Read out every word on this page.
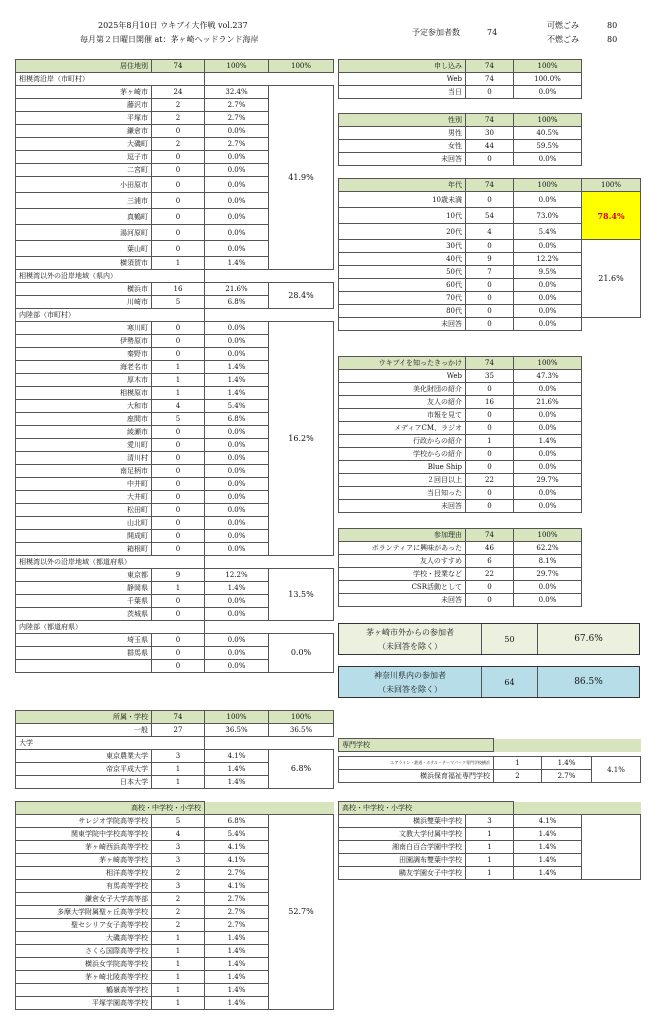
2025年8月10日 ウキブイ大作戦 vol.237
毎月第２日曜日開催 at：茅ヶ崎ヘッドランド海岸
予定参加者数	74
可燃ごみ	80
不燃ごみ	80
居住地別	74	100%	100%
相模湾沿岸（市町村）			
茅ヶ崎市	24	32.4%	41.9%
藤沢市	2	2.7%	
平塚市	2	2.7%	
鎌倉市	0	0.0%	
大磯町	2	2.7%	
逗子市	0	0.0%	
二宮町	0	0.0%	
小田原市	0	0.0%	
三浦市	0	0.0%	
真鶴町	0	0.0%	
湯河原町	0	0.0%	
葉山町	0	0.0%	
横須賀市	1	1.4%	
相模湾以外の沿岸地域（県内）			
横浜市	16	21.6%	28.4%
川崎市	5	6.8%	
内陸部（市町村）			
寒川町	0	0.0%	16.2%
伊勢原市	0	0.0%	
秦野市	0	0.0%	
海老名市	1	1.4%	
厚木市	1	1.4%	
相模原市	1	1.4%	
大和市	4	5.4%	
座間市	5	6.8%	
綾瀬市	0	0.0%	
愛川町	0	0.0%	
清川村	0	0.0%	
南足柄市	0	0.0%	
中井町	0	0.0%	
大井町	0	0.0%	
松田町	0	0.0%	
山北町	0	0.0%	
開成町	0	0.0%	
箱根町	0	0.0%	
相模湾以外の沿岸地域（都道府県）			
東京都	9	12.2%	13.5%
静岡県	1	1.4%	
千葉県	0	0.0%	
茨城県	0	0.0%	
内陸部（都道府県）			
埼玉県	0	0.0%	0.0%
群馬県	0	0.0%	
	0	0.0%	
申し込み	74	100%
Web	74	100.0%
当日	0	0.0%
性別	74	100%
男性	30	40.5%
女性	44	59.5%
未回答	0	0.0%
年代	74	100%	100%
10歳未満	0	0.0%	78.4%
10代	54	73.0%	
20代	4	5.4%	
30代	0	0.0%	21.6%
40代	9	12.2%	
50代	7	9.5%	
60代	0	0.0%	
70代	0	0.0%	
80代	0	0.0%	
未回答	0	0.0%	
ウキブイを知ったきっかけ	74	100%
Web	35	47.3%
美化財団の紹介	0	0.0%
友人の紹介	16	21.6%
市報を見て	0	0.0%
メディアCM、ラジオ	0	0.0%
行政からの紹介	1	1.4%
学校からの紹介	0	0.0%
Blue Ship	0	0.0%
２回目以上	22	29.7%
当日知った	0	0.0%
未回答	0	0.0%
参加理由	74	100%
ボランティアに興味があった	46	62.2%
友人のすすめ	6	8.1%
学校・授業など	22	29.7%
CSR活動として	0	0.0%
未回答	0	0.0%
茅ヶ崎市外からの参加者
（未回答を除く）
50	67.6%
神奈川県内の参加者
（未回答を除く）
64	86.5%
所属・学校	74	100%	100%
一般	27	36.5%	36.5%
大学			
東京農業大学	3	4.1%	6.8%
帝京平成大学	1	1.4%	
日本大学	1	1.4%	
専門学校			

エアライン・鉄道・ホテル・テーマパーク専門学校横浜	1	1.4%	4.1%
横浜保育福祉専門学校	2	2.7%	
高校・中学校・小学校			
サレジオ学院高等学校	5	6.8%	52.7%
関東学院中学校高等学校	4	5.4%	
茅ヶ崎西浜高等学校	3	4.1%	
茅ヶ崎高等学校	3	4.1%	
相洋高等学校	2	2.7%	
有馬高等学校	3	4.1%	
鎌倉女子大学高等部	2	2.7%	
多摩大学附属聖ヶ丘高等学校	2	2.7%	
聖セシリア女子高等学校	2	2.7%	
大磯高等学校	1	1.4%	
さくら国際高等学校	1	1.4%	
横浜女学院高等学校	1	1.4%	
茅ヶ崎北陵高等学校	1	1.4%	
鶴嶺高等学校	1	1.4%	
平塚学園高等学校	1	1.4%	
高校・中学校・小学校			
横浜雙葉中学校	3	4.1%	
文教大学付属中学校	1	1.4%	
湘南白百合学園中学校	1	1.4%	
田園調布雙葉中学校	1	1.4%	
鷗友学園女子中学校	1	1.4%	
